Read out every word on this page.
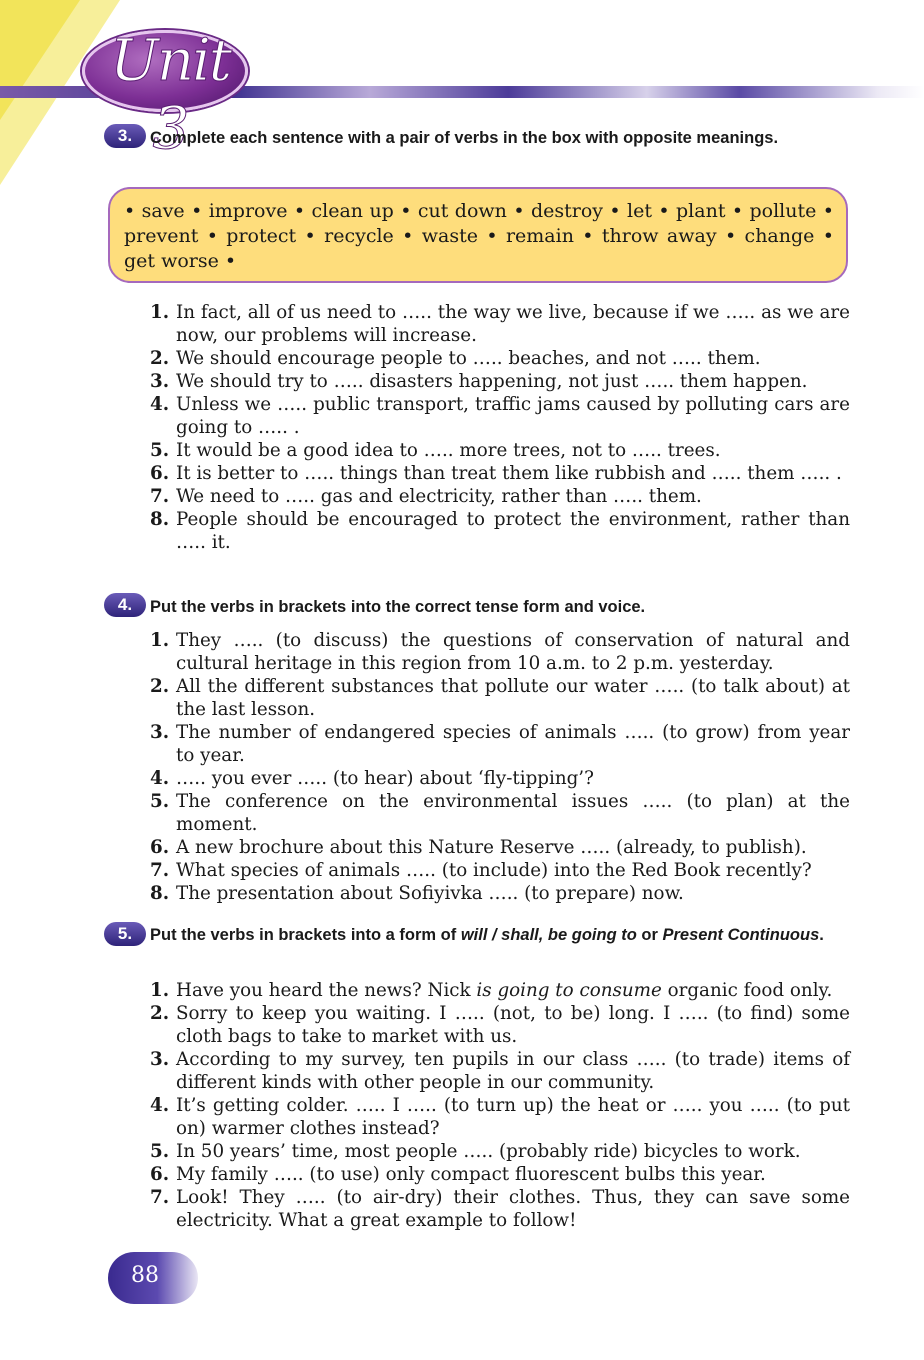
Unit 3
3.	Complete each sentence with a pair of verbs in the box with opposite meanings.
• save • improve • clean up • cut down • destroy • let • plant • pollute • prevent • protect • recycle • waste • remain • throw away • change • get worse •
1. In fact, all of us need to ….. the way we live, because if we ….. as we are now, our problems will increase.
2. We should encourage people to ….. beaches, and not ….. them.
3. We should try to ….. disasters happening, not just ….. them happen.
4. Unless we ….. public transport, traffic jams caused by polluting cars are going to ….. .
5. It would be a good idea to ….. more trees, not to ….. trees.
6. It is better to ….. things than treat them like rubbish and ….. them ….. .
7. We need to ….. gas and electricity, rather than ….. them.
8. People should be encouraged to protect the environment, rather than ….. it.
4.	Put the verbs in brackets into the correct tense form and voice.
1. They ….. (to discuss) the questions of conservation of natural and cultural heritage in this region from 10 a.m. to 2 p.m. yesterday.
2. All the different substances that pollute our water ….. (to talk about) at the last lesson.
3. The number of endangered species of animals ….. (to grow) from year to year.
4. ….. you ever ….. (to hear) about ‘fly-tipping’?
5. The conference on the environmental issues ….. (to plan) at the moment.
6. A new brochure about this Nature Reserve ….. (already, to publish).
7. What species of animals ….. (to include) into the Red Book recently?
8. The presentation about Sofiyivka ….. (to prepare) now.
5.	Put the verbs in brackets into a form of will / shall, be going to or Present Continuous.
1. Have you heard the news? Nick is going to consume organic food only.
2. Sorry to keep you waiting. I ….. (not, to be) long. I ….. (to find) some cloth bags to take to market with us.
3. According to my survey, ten pupils in our class ….. (to trade) items of different kinds with other people in our community.
4. It’s getting colder. ….. I ….. (to turn up) the heat or ….. you ….. (to put on) warmer clothes instead?
5. In 50 years’ time, most people ….. (probably ride) bicycles to work.
6. My family ….. (to use) only compact fluorescent bulbs this year.
7. Look! They ….. (to air-dry) their clothes. Thus, they can save some electricity. What a great example to follow!
88
